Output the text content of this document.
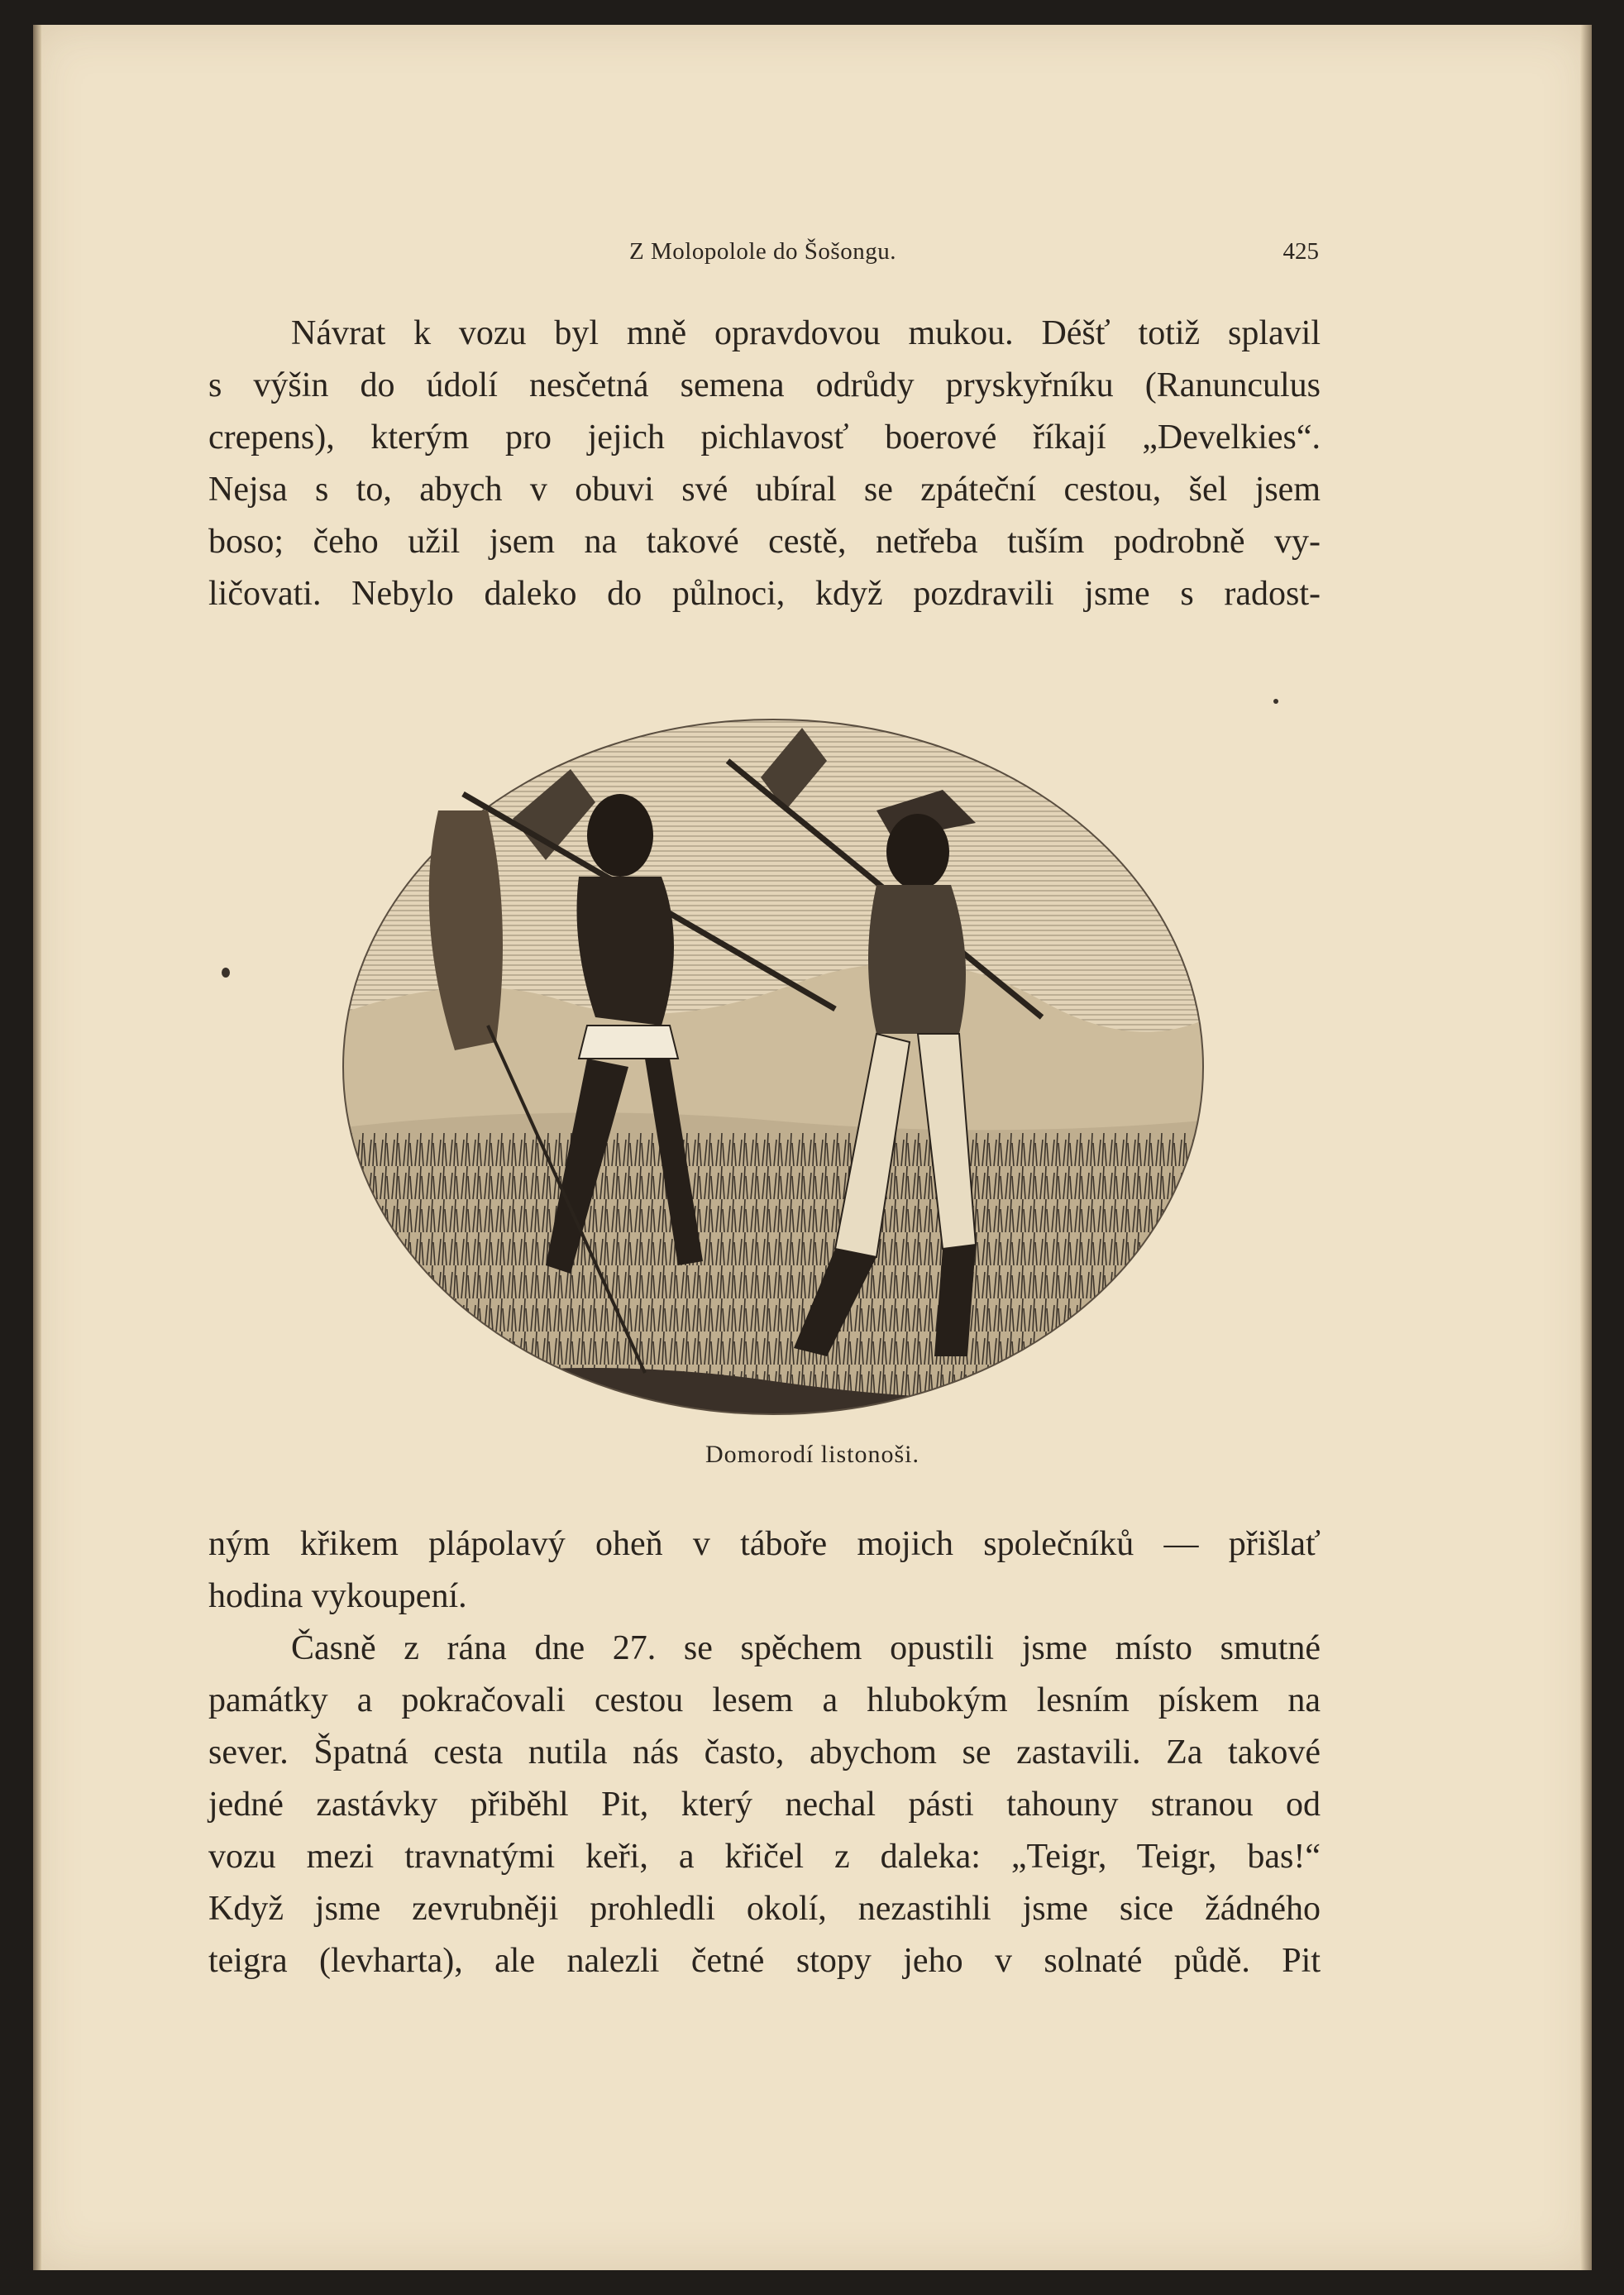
Z Molopolole do Šošongu.	425
Návrat k vozu byl mně opravdovou mukou. Déšť totiž splavil
s výšin do údolí nesčetná semena odrůdy pryskyřníku (Ranunculus
crepens), kterým pro jejich pichlavosť boerové říkají „Develkies“.
Nejsa s to, abych v obuvi své ubíral se zpáteční cestou, šel jsem
boso; čeho užil jsem na takové cestě, netřeba tuším podrobně vy-
ličovati. Nebylo daleko do půlnoci, když pozdravili jsme s radost-
Domorodí listonoši.
ným křikem plápolavý oheň v táboře mojich společníků — přišlať
hodina vykoupení.
Časně z rána dne 27. se spěchem opustili jsme místo smutné
památky a pokračovali cestou lesem a hlubokým lesním pískem na
sever. Špatná cesta nutila nás často, abychom se zastavili. Za takové
jedné zastávky přiběhl Pit, který nechal pásti tahouny stranou od
vozu mezi travnatými keři, a křičel z daleka: „Teigr, Teigr, bas!“
Když jsme zevrubněji prohledli okolí, nezastihli jsme sice žádného
teigra (levharta), ale nalezli četné stopy jeho v solnaté půdě. Pit
